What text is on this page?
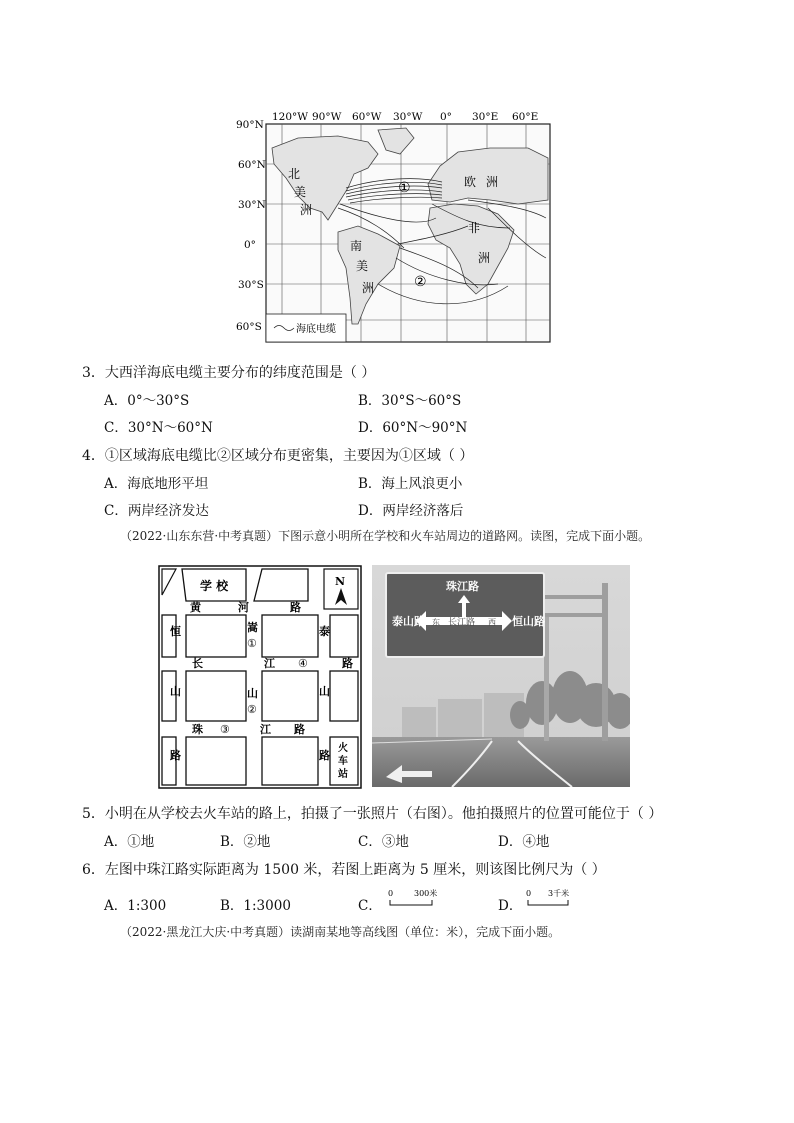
120°W 90°W 60°W 30°W 0° 30°E 60°E
90°N
60°N
30°N
0°
30°S
60°S
北
美
洲
南
美
洲
欧 洲
非
洲
①
②
海底电缆
3．大西洋海底电缆主要分布的纬度范围是（ ）
A．0°～30°S	B．30°S～60°S
C．30°N～60°N	D．60°N～90°N
4．①区域海底电缆比②区域分布更密集，主要因为①区域（ ）
A．海底地形平坦	B．海上风浪更小
C．两岸经济发达	D．两岸经济落后
（2022·山东东营·中考真题）下图示意小明所在学校和火车站周边的道路网。读图，完成下面小题。
学 校	N
黄	河	路
长	江	路
珠	江 路
恒
山
路
嵩
山
泰
山
路
火
车
站
①
②
③
④
珠江路
泰山路	恒山路
东 长江路 西
5．小明在从学校去火车站的路上，拍摄了一张照片（右图）。他拍摄照片的位置可能位于（ ）
A．①地	B．②地	C．③地	D．④地
6．左图中珠江路实际距离为 1500 米，若图上距离为 5 厘米，则该图比例尺为（ ）
A．1:300	B．1:3000	C．
0	300米
D．
0 3千米
（2022·黑龙江大庆·中考真题）读湖南某地等高线图（单位：米），完成下面小题。
